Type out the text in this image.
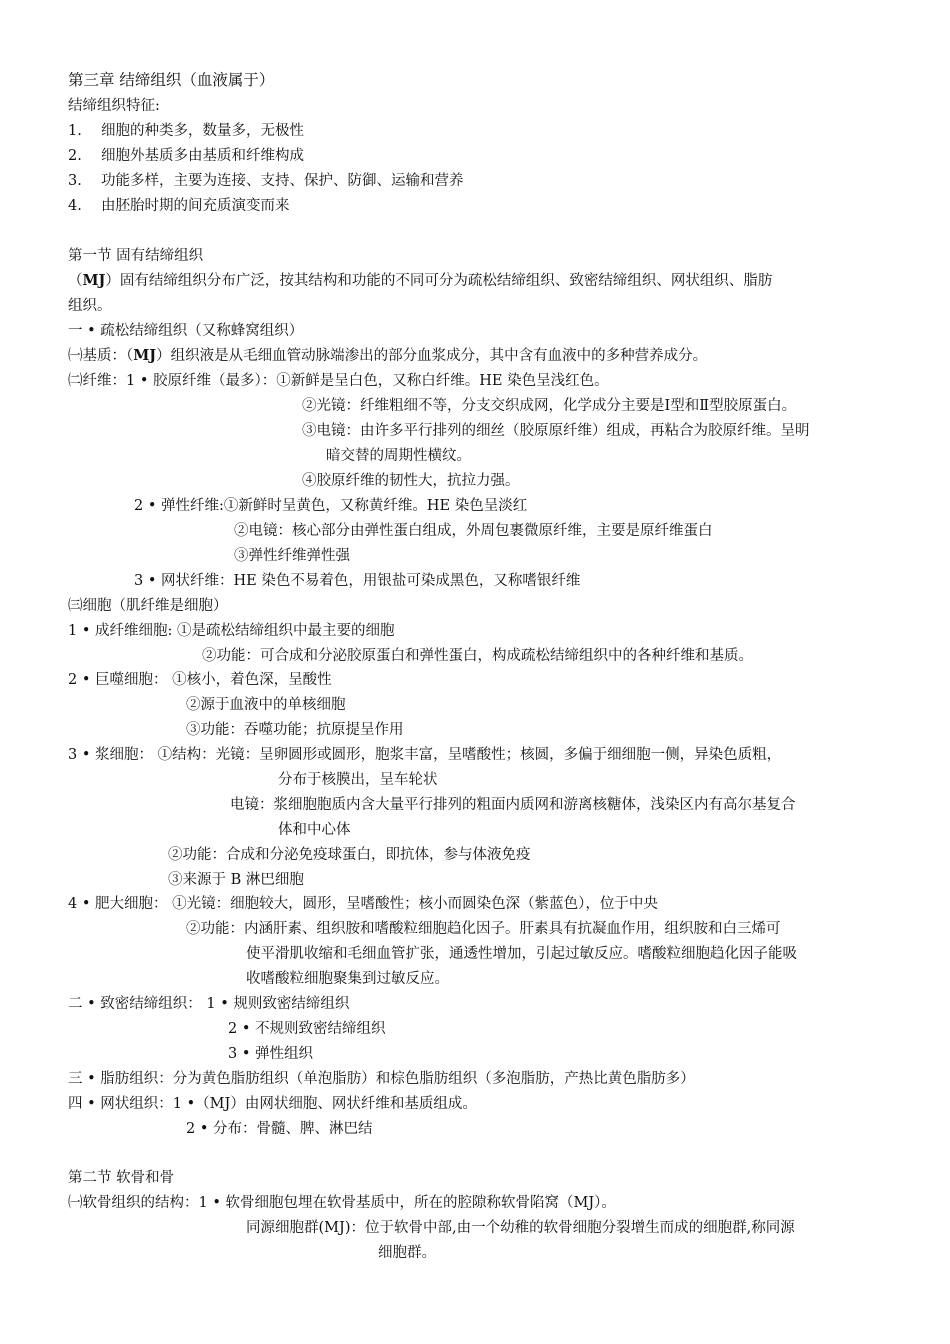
第三章 结缔组织（血液属于）
结缔组织特征:
1. 细胞的种类多，数量多，无极性
2. 细胞外基质多由基质和纤维构成
3. 功能多样，主要为连接、支持、保护、防御、运输和营养
4. 由胚胎时期的间充质演变而来
第一节 固有结缔组织
（MJ）固有结缔组织分布广泛，按其结构和功能的不同可分为疏松结缔组织、致密结缔组织、网状组织、脂肪
组织。
一 • 疏松结缔组织（又称蜂窝组织）
㈠基质：（MJ）组织液是从毛细血管动脉端渗出的部分血浆成分，其中含有血液中的多种营养成分。
㈡纤维：1 • 胶原纤维（最多）：①新鲜是呈白色，又称白纤维。HE 染色呈浅红色。
②光镜：纤维粗细不等，分支交织成网，化学成分主要是Ⅰ型和Ⅱ型胶原蛋白。
③电镜：由许多平行排列的细丝（胶原原纤维）组成，再粘合为胶原纤维。呈明
暗交替的周期性横纹。
④胶原纤维的韧性大，抗拉力强。
2 • 弹性纤维:①新鲜时呈黄色，又称黄纤维。HE 染色呈淡红
②电镜：核心部分由弹性蛋白组成，外周包裹微原纤维，主要是原纤维蛋白
③弹性纤维弹性强
3 • 网状纤维：HE 染色不易着色，用银盐可染成黑色，又称嗜银纤维
㈢细胞（肌纤维是细胞）
1 • 成纤维细胞: ①是疏松结缔组织中最主要的细胞
②功能：可合成和分泌胶原蛋白和弹性蛋白，构成疏松结缔组织中的各种纤维和基质。
2 • 巨噬细胞： ①核小，着色深，呈酸性
②源于血液中的单核细胞
③功能：吞噬功能；抗原提呈作用
3 • 浆细胞： ①结构：光镜：呈卵圆形或圆形，胞浆丰富，呈嗜酸性；核圆，多偏于细细胞一侧，异染色质粗，
分布于核膜出，呈车轮状
电镜：浆细胞胞质内含大量平行排列的粗面内质网和游离核糖体，浅染区内有高尔基复合
体和中心体
②功能：合成和分泌免疫球蛋白，即抗体，参与体液免疫
③来源于 B 淋巴细胞
4 • 肥大细胞： ①光镜：细胞较大，圆形，呈嗜酸性；核小而圆染色深（紫蓝色），位于中央
②功能：内涵肝素、组织胺和嗜酸粒细胞趋化因子。肝素具有抗凝血作用，组织胺和白三烯可
使平滑肌收缩和毛细血管扩张，通透性增加，引起过敏反应。嗜酸粒细胞趋化因子能吸
收嗜酸粒细胞聚集到过敏反应。
二 • 致密结缔组织： 1 • 规则致密结缔组织
2 • 不规则致密结缔组织
3 • 弹性组织
三 • 脂肪组织：分为黄色脂肪组织（单泡脂肪）和棕色脂肪组织（多泡脂肪，产热比黄色脂肪多）
四 • 网状组织：1 •（MJ）由网状细胞、网状纤维和基质组成。
2 • 分布：骨髓、脾、淋巴结
第二节 软骨和骨
㈠软骨组织的结构：1 • 软骨细胞包埋在软骨基质中，所在的腔隙称软骨陷窝（MJ）。
同源细胞群(MJ)：位于软骨中部,由一个幼稚的软骨细胞分裂增生而成的细胞群,称同源
细胞群。
